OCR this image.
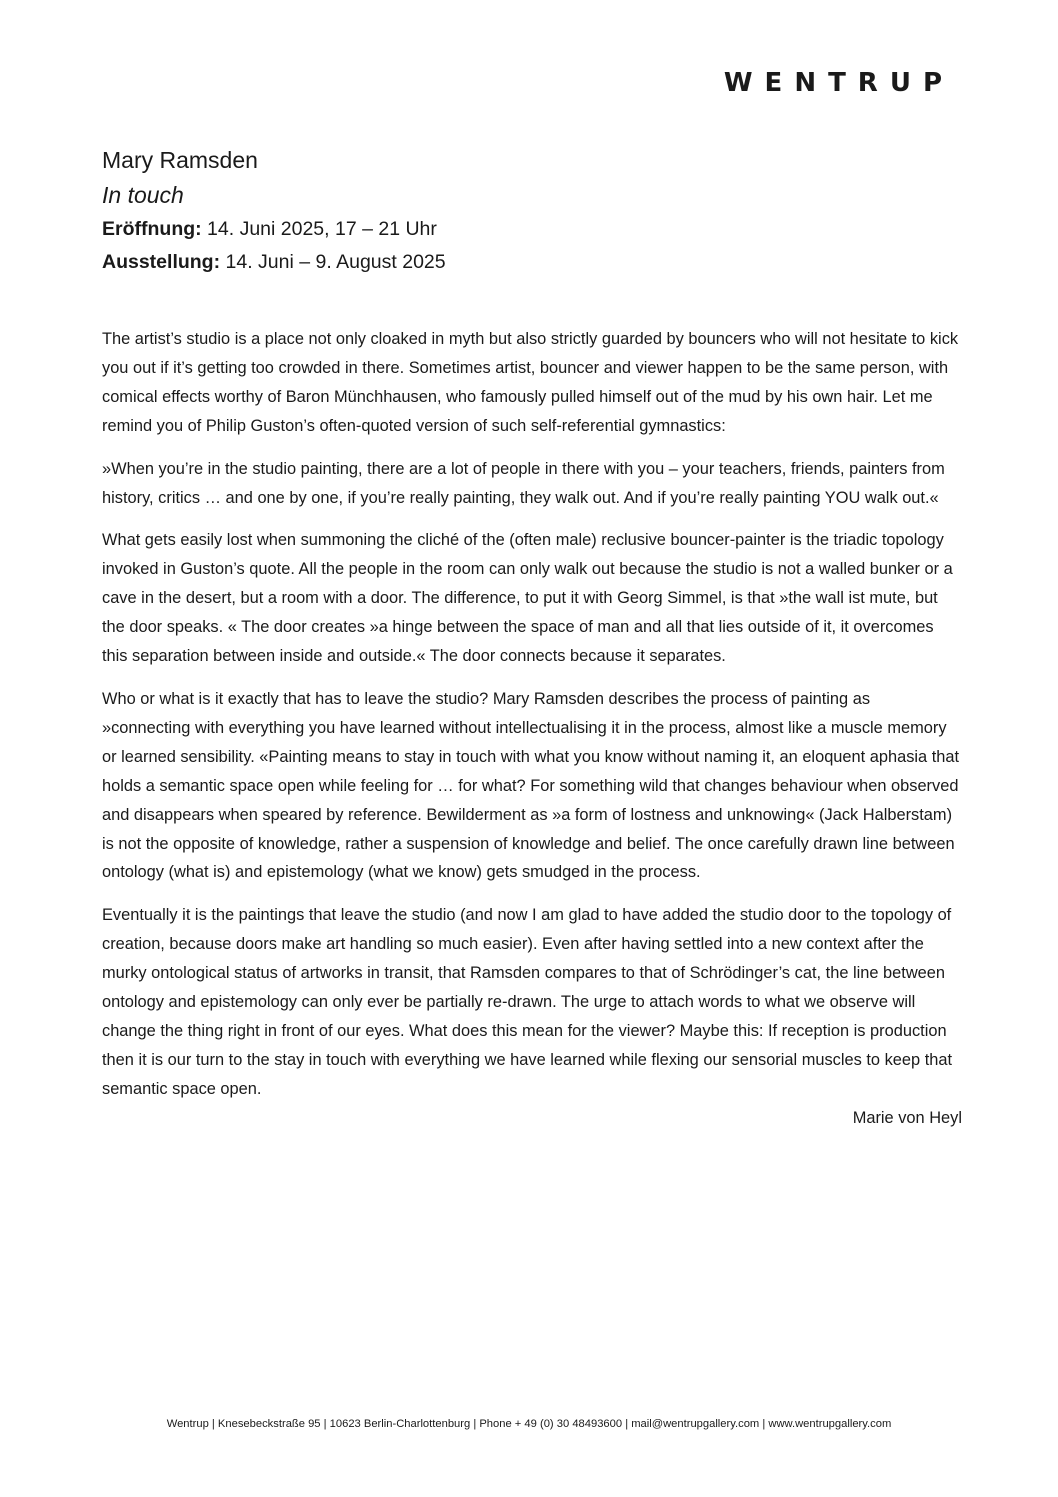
WENTRUP
Mary Ramsden

In touch

Eröffnung: 14. Juni 2025, 17 – 21 Uhr

Ausstellung: 14. Juni – 9. August 2025

The artist’s studio is a place not only cloaked in myth but also strictly guarded by bouncers who will not hesitate to kick you out if it’s getting too crowded in there. Sometimes artist, bouncer and viewer happen to be the same person, with comical effects worthy of Baron Münchhausen, who famously pulled himself out of the mud by his own hair. Let me remind you of Philip Guston’s often-quoted version of such self-referential gymnastics:

»When you’re in the studio painting, there are a lot of people in there with you – your teachers, friends, painters from history, critics … and one by one, if you’re really painting, they walk out. And if you’re really painting YOU walk out.«

What gets easily lost when summoning the cliché of the (often male) reclusive bouncer-painter is the triadic topology invoked in Guston’s quote. All the people in the room can only walk out because the studio is not a walled bunker or a cave in the desert, but a room with a door. The difference, to put it with Georg Simmel, is that »the wall ist mute, but the door speaks. « The door creates »a hinge between the space of man and all that lies outside of it, it overcomes this separation between inside and outside.« The door connects because it separates.

Who or what is it exactly that has to leave the studio? Mary Ramsden describes the process of painting as »connecting with everything you have learned without intellectualising it in the process, almost like a muscle memory or learned sensibility. «Painting means to stay in touch with what you know without naming it, an eloquent aphasia that holds a semantic space open while feeling for … for what? For something wild that changes behaviour when observed and disappears when speared by reference. Bewilderment as »a form of lostness and unknowing« (Jack Halberstam) is not the opposite of knowledge, rather a suspension of knowledge and belief. The once carefully drawn line between ontology (what is) and epistemology (what we know) gets smudged in the process.

Eventually it is the paintings that leave the studio (and now I am glad to have added the studio door to the topology of creation, because doors make art handling so much easier). Even after having settled into a new context after the murky ontological status of artworks in transit, that Ramsden compares to that of Schrödinger’s cat, the line between ontology and epistemology can only ever be partially re-drawn. The urge to attach words to what we observe will change the thing right in front of our eyes. What does this mean for the viewer? Maybe this: If reception is production then it is our turn to the stay in touch with everything we have learned while flexing our sensorial muscles to keep that semantic space open.

Marie von Heyl

Wentrup | Knesebeckstraße 95 | 10623 Berlin-Charlottenburg | Phone + 49 (0) 30 48493600 | mail@wentrupgallery.com | www.wentrupgallery.com
